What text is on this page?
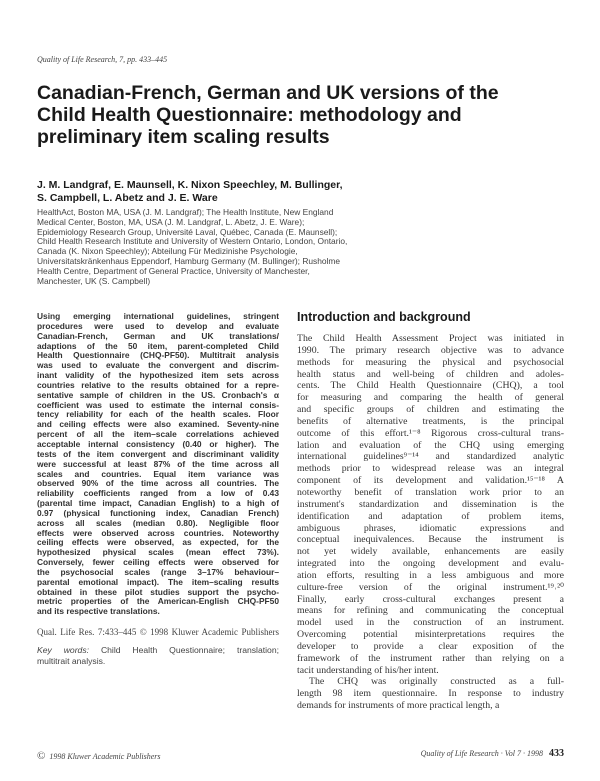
Quality of Life Research, 7, pp. 433–445
Canadian-French, German and UK versions of the
Child Health Questionnaire: methodology and
preliminary item scaling results
J. M. Landgraf, E. Maunsell, K. Nixon Speechley, M. Bullinger,
S. Campbell, L. Abetz and J. E. Ware
HealthAct, Boston MA, USA (J. M. Landgraf); The Health Institute, New England
Medical Center, Boston, MA, USA (J. M. Landgraf, L. Abetz, J. E. Ware);
Epidemiology Research Group, Université Laval, Québec, Canada (E. Maunsell);
Child Health Research Institute and University of Western Ontario, London, Ontario,
Canada (K. Nixon Speechley); Abteilung Für Medizinishe Psychologie,
Universitatskränkenhaus Eppendorf, Hamburg Germany (M. Bullinger); Rusholme
Health Centre, Department of General Practice, University of Manchester,
Manchester, UK (S. Campbell)
Using emerging international guidelines, stringent
procedures were used to develop and evaluate
Canadian-French, German and UK translations/
adaptions of the 50 item, parent-completed Child
Health Questionnaire (CHQ-PF50). Multitrait analysis
was used to evaluate the convergent and discrim-
inant validity of the hypothesized item sets across
countries relative to the results obtained for a repre-
sentative sample of children in the US. Cronbach's α
coefficient was used to estimate the internal consis-
tency reliability for each of the health scales. Floor
and ceiling effects were also examined. Seventy-nine
percent of all the item–scale correlations achieved
acceptable internal consistency (0.40 or higher). The
tests of the item convergent and discriminant validity
were successful at least 87% of the time across all
scales and countries. Equal item variance was
observed 90% of the time across all countries. The
reliability coefficients ranged from a low of 0.43
(parental time impact, Canadian English) to a high of
0.97 (physical functioning index, Canadian French)
across all scales (median 0.80). Negligible floor
effects were observed across countries. Noteworthy
ceiling effects were observed, as expected, for the
hypothesized physical scales (mean effect 73%).
Conversely, fewer ceiling effects were observed for
the psychosocial scales (range 3–17% behaviour–
parental emotional impact). The item–scaling results
obtained in these pilot studies support the psycho-
metric properties of the American-English CHQ-PF50
and its respective translations.
Qual. Life Res. 7:433–445 © 1998 Kluwer Academic Publishers
Key words: Child Health Questionnaire; translation;
multitrait analysis.
Introduction and background
The Child Health Assessment Project was initiated in
1990. The primary research objective was to advance
methods for measuring the physical and psychosocial
health status and well-being of children and adoles-
cents. The Child Health Questionnaire (CHQ), a tool
for measuring and comparing the health of general
and specific groups of children and estimating the
benefits of alternative treatments, is the principal
outcome of this effort.¹⁻⁸ Rigorous cross-cultural trans-
lation and evaluation of the CHQ using emerging
international guidelines⁹⁻¹⁴ and standardized analytic
methods prior to widespread release was an integral
component of its development and validation.¹⁵⁻¹⁸ A
noteworthy benefit of translation work prior to an
instrument's standardization and dissemination is the
identification and adaptation of problem items,
ambiguous phrases, idiomatic expressions and
conceptual inequivalences. Because the instrument is
not yet widely available, enhancements are easily
integrated into the ongoing development and evalu-
ation efforts, resulting in a less ambiguous and more
culture-free version of the original instrument.¹⁹˒²⁰
Finally, early cross-cultural exchanges present a
means for refining and communicating the conceptual
model used in the construction of an instrument.
Overcoming potential misinterpretations requires the
developer to provide a clear exposition of the
framework of the instrument rather than relying on a
tacit understanding of his/her intent.
The CHQ was originally constructed as a full-
length 98 item questionnaire. In response to industry
demands for instruments of more practical length, a
© 1998 Kluwer Academic Publishers	Quality of Life Research · Vol 7 · 1998 433
